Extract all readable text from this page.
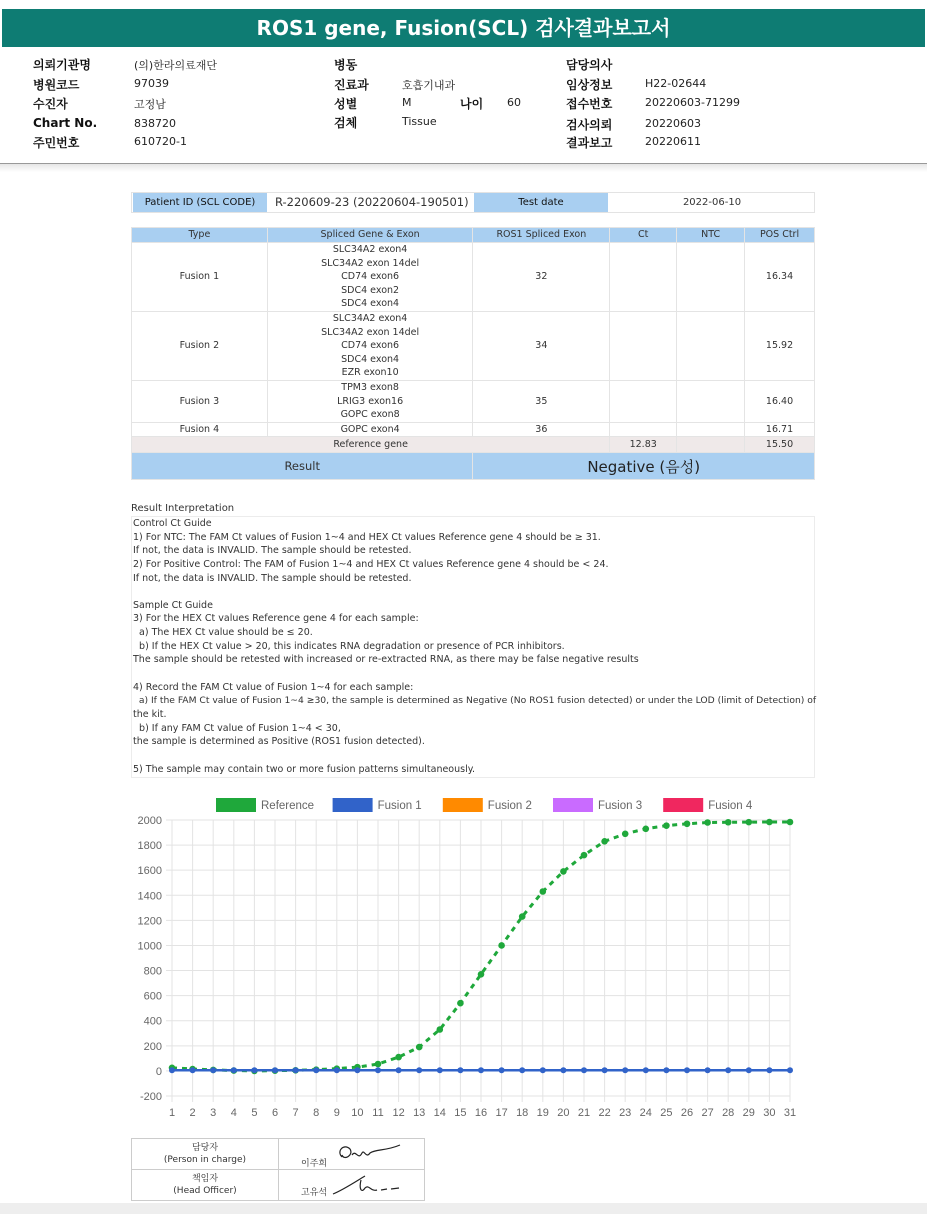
ROS1 gene, Fusion(SCL) 검사결과보고서
의뢰기관명	(의)한라의료재단
병원코드	97039
수진자	고정남
Chart No.	838720
주민번호	610720-1
병동
진료과	호흡기내과
성별	M	나이 60
검체	Tissue
담당의사
임상정보	H22-02644
접수번호	20220603-71299
검사의뢰	20220603
결과보고	20220611
Patient ID (SCL CODE)	R-220609-23 (20220604-190501)	Test date	2022-06-10
Type	Spliced Gene & Exon	ROS1 Spliced Exon	Ct	NTC	POS Ctrl
Fusion 1	SLC34A2 exon4
SLC34A2 exon 14del
CD74 exon6
SDC4 exon2
SDC4 exon4	32			16.34
Fusion 2	SLC34A2 exon4
SLC34A2 exon 14del
CD74 exon6
SDC4 exon4
EZR exon10	34			15.92
Fusion 3	TPM3 exon8
LRIG3 exon16
GOPC exon8	35			16.40
Fusion 4	GOPC exon4	36			16.71
Reference gene			12.83		15.50
Result		Negative (음성)			
Result Interpretation
Control Ct Guide
1) For NTC: The FAM Ct values of Fusion 1~4 and HEX Ct values Reference gene 4 should be ≥ 31.
If not, the data is INVALID. The sample should be retested.
2) For Positive Control: The FAM of Fusion 1~4 and HEX Ct values Reference gene 4 should be < 24.
If not, the data is INVALID. The sample should be retested.
Sample Ct Guide
3) For the HEX Ct values Reference gene 4 for each sample:
a) The HEX Ct value should be ≤ 20.
b) If the HEX Ct value > 20, this indicates RNA degradation or presence of PCR inhibitors.
The sample should be retested with increased or re-extracted RNA, as there may be false negative results
4) Record the FAM Ct value of Fusion 1~4 for each sample:
a) If the FAM Ct value of Fusion 1~4 ≥30, the sample is determined as Negative (No ROS1 fusion detected) or under the LOD (limit of Detection) of
the kit.
b) If any FAM Ct value of Fusion 1~4 < 30,
the sample is determined as Positive (ROS1 fusion detected).
5) The sample may contain two or more fusion patterns simultaneously.
2000
1800
1600
1400
1200
1000
800
600
400
200
0
-200
1 2 3 4 5 6 7 8 9 10 11 12 13 14 15 16 17 18 19 20 21 22 23 24 25 26 27 28 29 30 31
Reference	Fusion 1	Fusion 2	Fusion 3	Fusion 4
담당자
(Person in charge)	이주희

책임자
(Head Officer)	고유석
